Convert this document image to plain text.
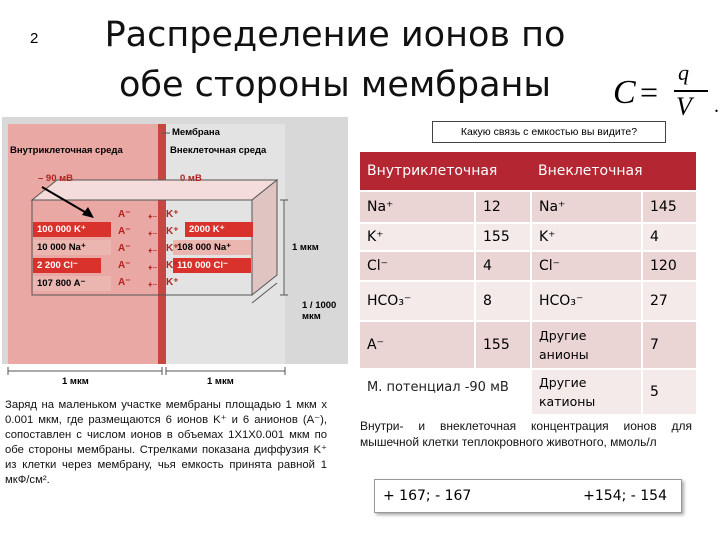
2	Распределение ионов по обе стороны мембраны	C =
q
V .
Мембрана
Внутриклеточная среда
– 90 мВ
Внеклеточная среда
0 мВ
100 000 K⁺
10 000 Na⁺
2 200 Cl⁻
107 800 A⁻
2000 K⁺
108 000 Na⁺
110 000 Cl⁻
A⁻
A⁻
A⁻
A⁻
A⁻
⇠
⇠
⇠
⇠
⇠
K⁺
K⁺
K⁺
K⁺
K⁺
1 мкм
1 / 1000 мкм
1 мкм	1 мкм
Какую связь с емкостью вы видите?
Внутриклеточная		Внеклеточная	
Na⁺	12	Na⁺	145
K⁺	155	K⁺	4
Cl⁻	4	Cl⁻	120
HCO₃⁻	8	HCO₃⁻	27
A⁻	155	Другие анионы	7
М. потенциал -90 мВ		Другие катионы	5
Внутри- и внеклеточная концентрация ионов для мышечной клетки теплокровного животного, ммоль/л
+ 167; - 167	+154; - 154
Заряд на маленьком участке мембраны площадью 1 мкм x 0.001 мкм, где размещаются 6 ионов K⁺ и 6 анионов (A⁻), сопоставлен с числом ионов в объемах 1Х1Х0.001 мкм по обе стороны мембраны. Стрелками показана диффузия K⁺ из клетки через мембрану, чья емкость принята равной 1 мкФ/см².
